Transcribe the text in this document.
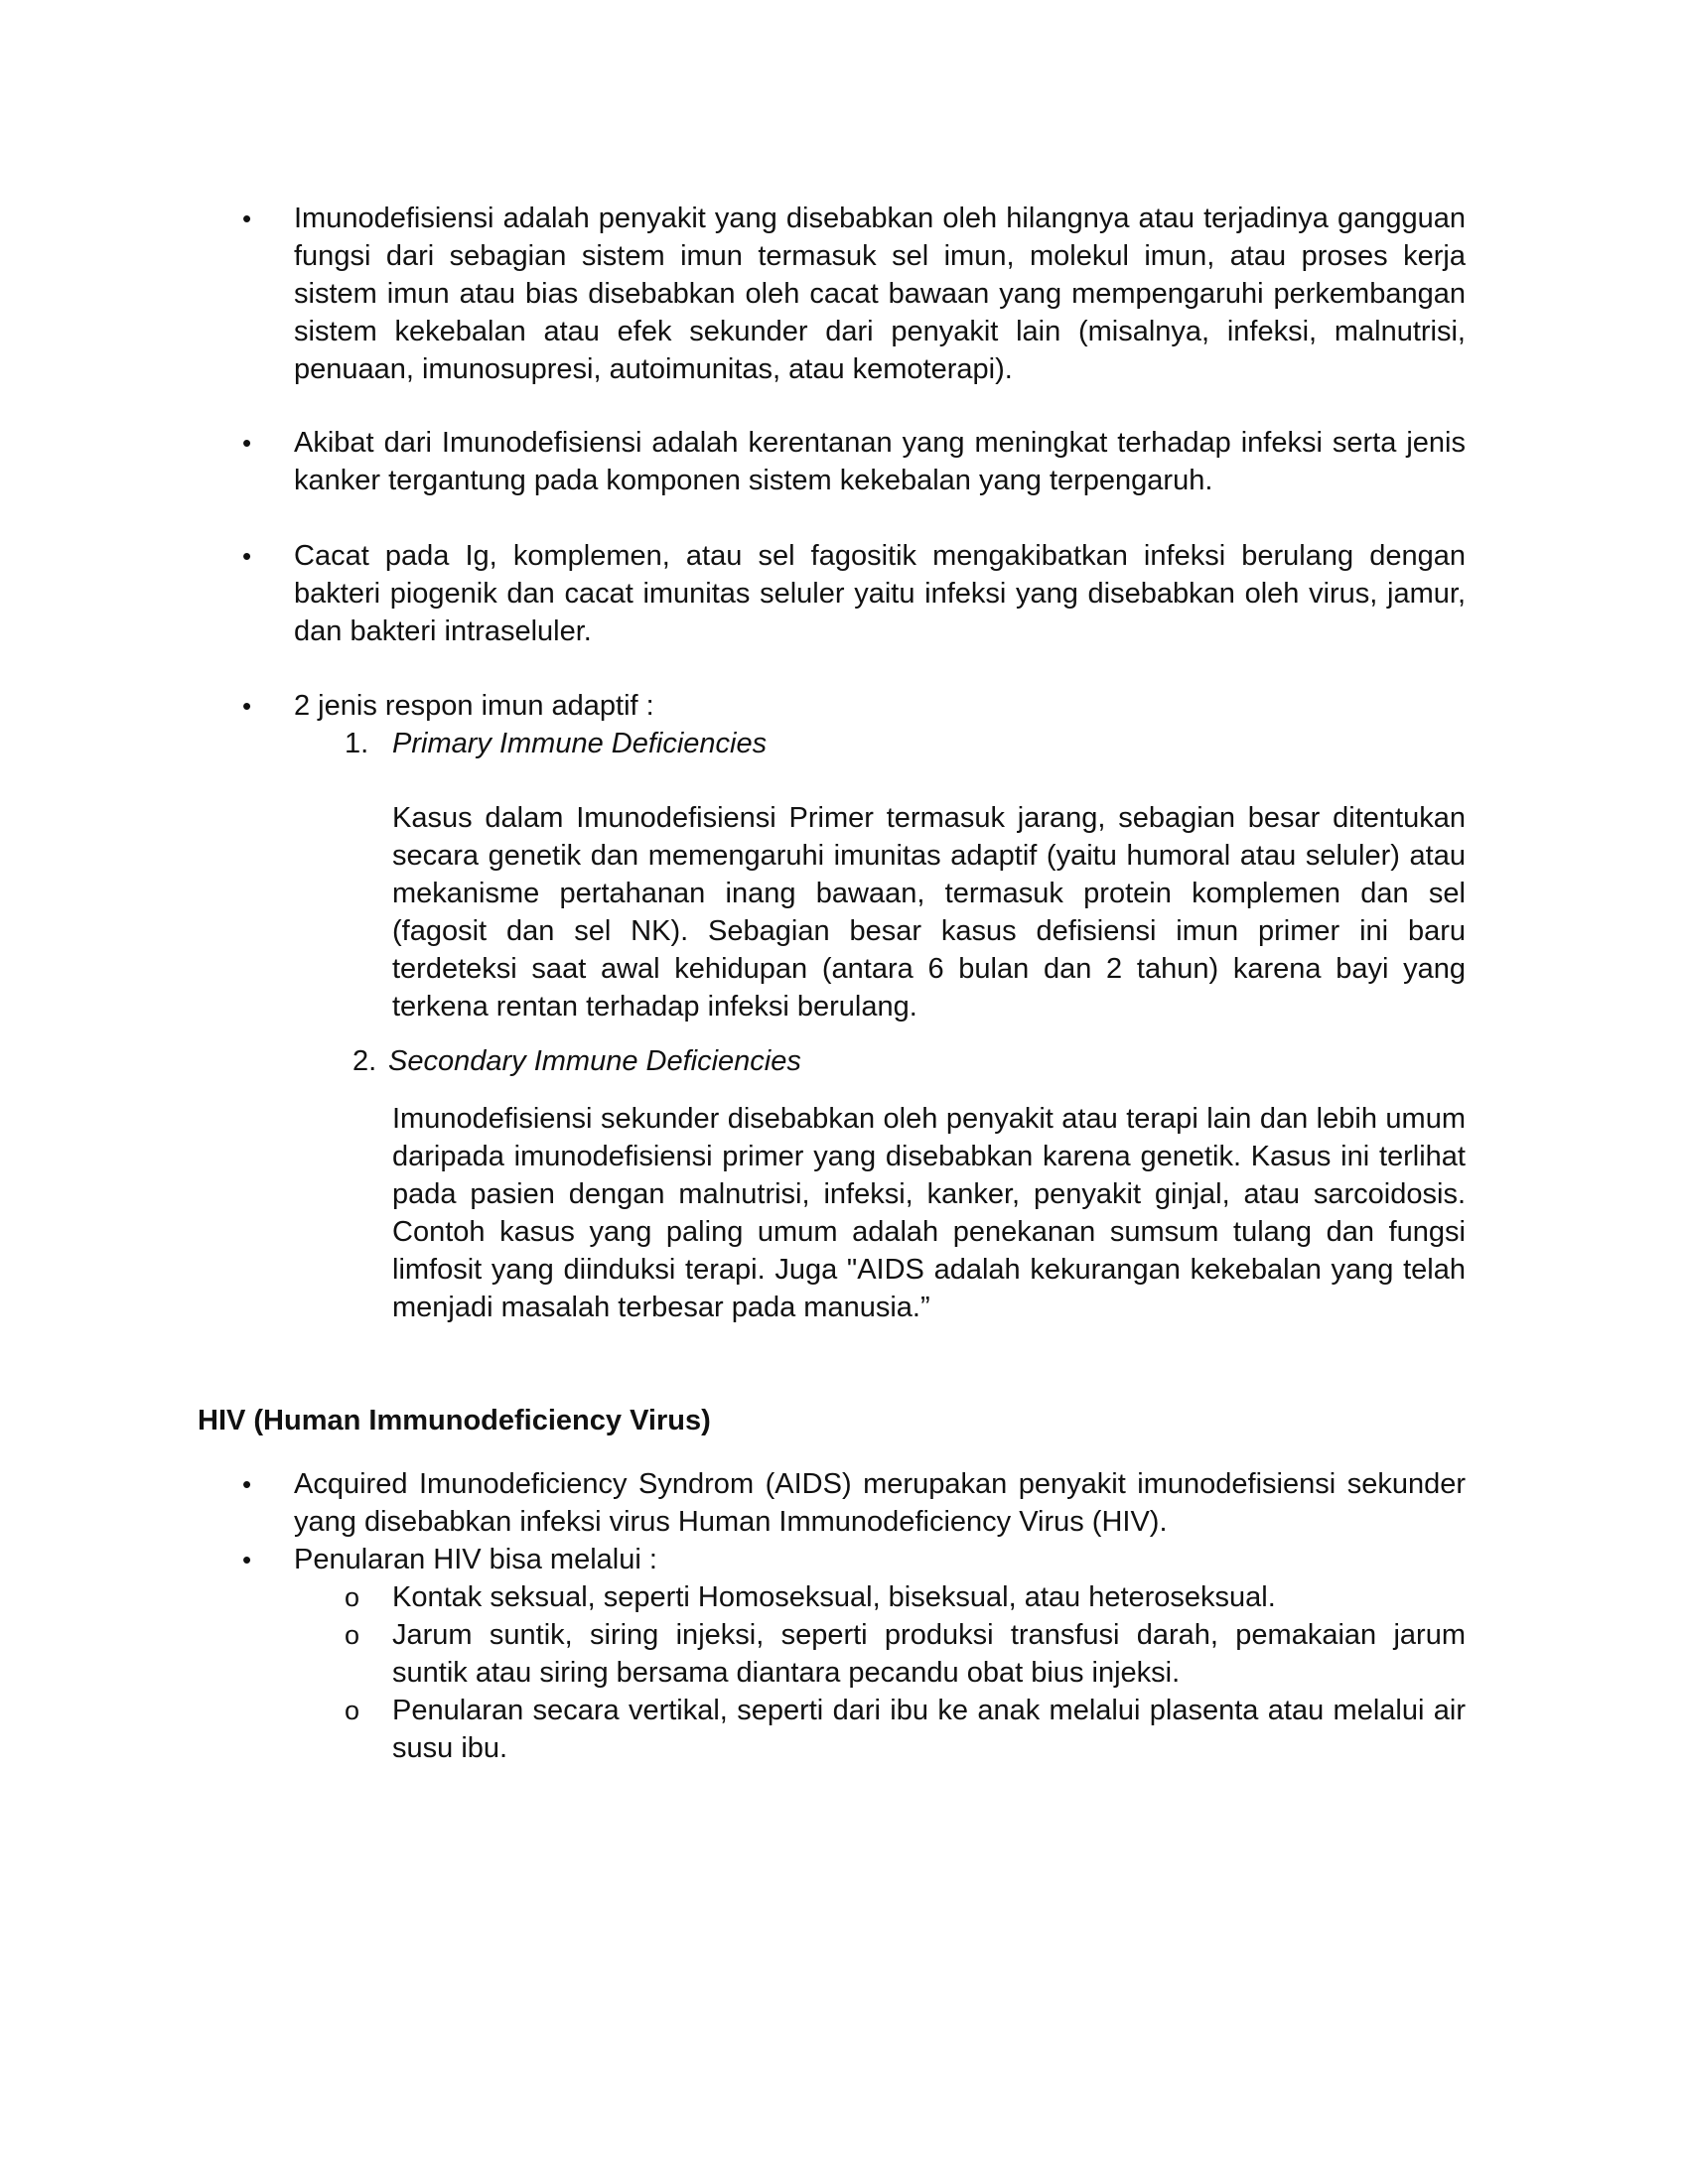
• Imunodefisiensi adalah penyakit yang disebabkan oleh hilangnya atau terjadinya gangguan fungsi dari sebagian sistem imun termasuk sel imun, molekul imun, atau proses kerja sistem imun atau bias disebabkan oleh cacat bawaan yang mempengaruhi perkembangan sistem kekebalan atau efek sekunder dari penyakit lain (misalnya, infeksi, malnutrisi, penuaan, imunosupresi, autoimunitas, atau kemoterapi).
• Akibat dari Imunodefisiensi adalah kerentanan yang meningkat terhadap infeksi serta jenis kanker tergantung pada komponen sistem kekebalan yang terpengaruh.
• Cacat pada Ig, komplemen, atau sel fagositik mengakibatkan infeksi berulang dengan bakteri piogenik dan cacat imunitas seluler yaitu infeksi yang disebabkan oleh virus, jamur, dan bakteri intraseluler.
• 2 jenis respon imun adaptif :
1. Primary Immune Deficiencies
Kasus dalam Imunodefisiensi Primer termasuk jarang, sebagian besar ditentukan secara genetik dan memengaruhi imunitas adaptif (yaitu humoral atau seluler) atau mekanisme pertahanan inang bawaan, termasuk protein komplemen dan sel (fagosit dan sel NK). Sebagian besar kasus defisiensi imun primer ini baru terdeteksi saat awal kehidupan (antara 6 bulan dan 2 tahun) karena bayi yang terkena rentan terhadap infeksi berulang.
2. Secondary Immune Deficiencies
Imunodefisiensi sekunder disebabkan oleh penyakit atau terapi lain dan lebih umum daripada imunodefisiensi primer yang disebabkan karena genetik. Kasus ini terlihat pada pasien dengan malnutrisi, infeksi, kanker, penyakit ginjal, atau sarcoidosis. Contoh kasus yang paling umum adalah penekanan sumsum tulang dan fungsi limfosit yang diinduksi terapi. Juga "AIDS adalah kekurangan kekebalan yang telah menjadi masalah terbesar pada manusia.”
HIV (Human Immunodeficiency Virus)
• Acquired Imunodeficiency Syndrom (AIDS) merupakan penyakit imunodefisiensi sekunder yang disebabkan infeksi virus Human Immunodeficiency Virus (HIV).
• Penularan HIV bisa melalui :
o Kontak seksual, seperti Homoseksual, biseksual, atau heteroseksual.
o Jarum suntik, siring injeksi, seperti produksi transfusi darah, pemakaian jarum suntik atau siring bersama diantara pecandu obat bius injeksi.
o Penularan secara vertikal, seperti dari ibu ke anak melalui plasenta atau melalui air susu ibu.
